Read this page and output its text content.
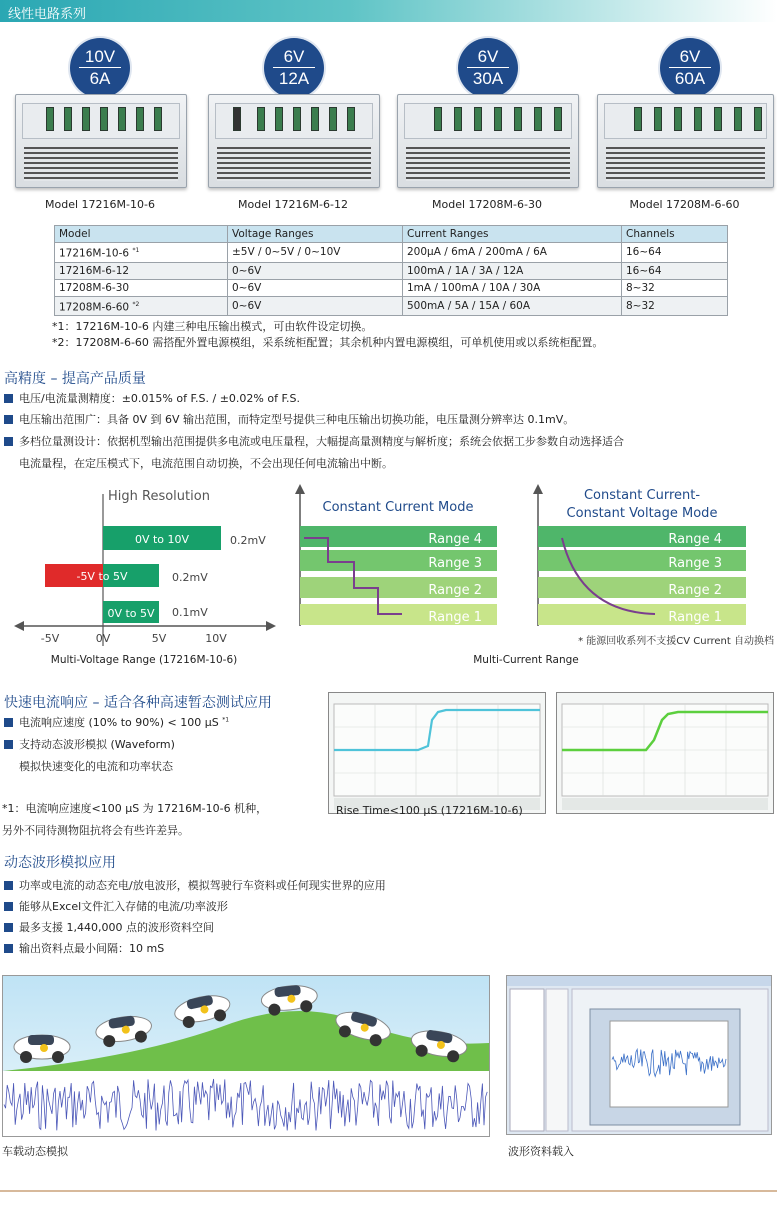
线性电路系列
10V
6A
Model 17216M-10-6
6V
12A
Model 17216M-6-12
6V
30A
Model 17208M-6-30
6V
60A
Model 17208M-6-60
Model	Voltage Ranges	Current Ranges	Channels
17216M-10-6 $^{*1}$	±5V / 0~5V / 0~10V	200μA / 6mA / 200mA / 6A	16~64
17216M-6-12	0~6V	100mA / 1A / 3A / 12A	16~64
17208M-6-30	0~6V	1mA / 100mA / 10A / 30A	8~32
17208M-6-60 $^{*2}$	0~6V	500mA / 5A / 15A / 60A	8~32
*1：17216M-10-6 内建三种电压输出模式，可由软件设定切换。
*2：17208M-6-60 需搭配外置电源模组，采系统柜配置；其余机种内置电源模组，可单机使用或以系统柜配置。
高精度 – 提高产品质量
电压/电流量测精度：±0.015% of F.S. / ±0.02% of F.S.
电压输出范围广：具备 0V 到 6V 输出范围，而特定型号提供三种电压输出切换功能，电压量测分辨率达 0.1mV。
多档位量测设计：依据机型输出范围提供多电流或电压量程，大幅提高量测精度与解析度；系统会依据工步参数自动选择适合
电流量程，在定压模式下，电流范围自动切换，不会出现任何电流输出中断。
High Resolution
0V to 10V	0.2mV
-5V to 5V	0.2mV
0V to 5V 0.1mV
-5V	0V	5V	10V
Multi-Voltage Range (17216M-10-6)
Constant Current Mode
Range 4
Range 3
Range 2
Range 1
Constant Current-
Constant Voltage Mode
Range 4
Range 3
Range 2
Range 1
* 能源回收系列不支援CV Current 自动换档
Multi-Current Range
快速电流响应 – 适合各种高速暂态测试应用
电流响应速度 (10% to 90%) < 100 μS $^{*1}$
支持动态波形模拟 (Waveform)
模拟快速变化的电流和功率状态
*1：电流响应速度<100 μS 为 17216M-10-6 机种，
另外不同待测物阻抗将会有些许差异。
Rise Time<100 μS (17216M-10-6)
动态波形模拟应用
功率或电流的动态充电/放电波形，模拟驾驶行车资料或任何现实世界的应用
能够从Excel文件汇入存储的电流/功率波形
最多支援 1,440,000 点的波形资料空间
输出资料点最小间隔：10 mS
车载动态模拟	波形资料载入
